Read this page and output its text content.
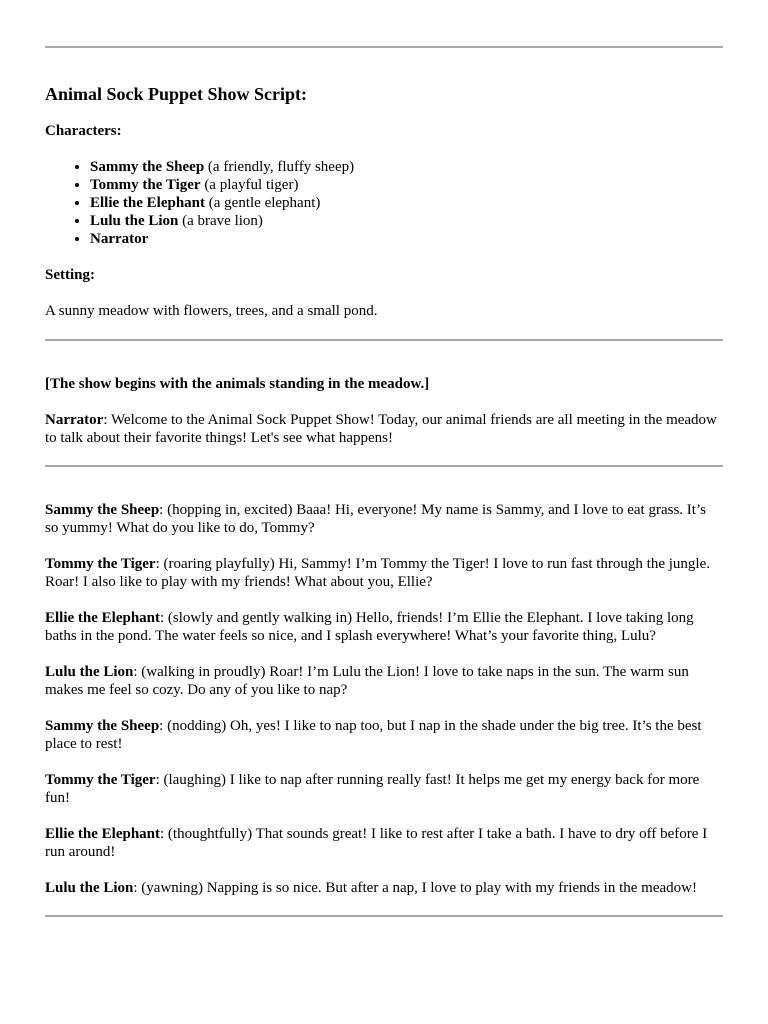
Animal Sock Puppet Show Script:

Characters:

• Sammy the Sheep (a friendly, fluffy sheep)
• Tommy the Tiger (a playful tiger)
• Ellie the Elephant (a gentle elephant)
• Lulu the Lion (a brave lion)
• Narrator

Setting:

A sunny meadow with flowers, trees, and a small pond.

[The show begins with the animals standing in the meadow.]

Narrator: Welcome to the Animal Sock Puppet Show! Today, our animal friends are all meeting in the meadow to talk about their favorite things! Let's see what happens!

Sammy the Sheep: (hopping in, excited) Baaa! Hi, everyone! My name is Sammy, and I love to eat grass. It’s so yummy! What do you like to do, Tommy?

Tommy the Tiger: (roaring playfully) Hi, Sammy! I’m Tommy the Tiger! I love to run fast through the jungle. Roar! I also like to play with my friends! What about you, Ellie?

Ellie the Elephant: (slowly and gently walking in) Hello, friends! I’m Ellie the Elephant. I love taking long baths in the pond. The water feels so nice, and I splash everywhere! What’s your favorite thing, Lulu?

Lulu the Lion: (walking in proudly) Roar! I’m Lulu the Lion! I love to take naps in the sun. The warm sun makes me feel so cozy. Do any of you like to nap?

Sammy the Sheep: (nodding) Oh, yes! I like to nap too, but I nap in the shade under the big tree. It’s the best place to rest!

Tommy the Tiger: (laughing) I like to nap after running really fast! It helps me get my energy back for more fun!

Ellie the Elephant: (thoughtfully) That sounds great! I like to rest after I take a bath. I have to dry off before I run around!

Lulu the Lion: (yawning) Napping is so nice. But after a nap, I love to play with my friends in the meadow!
